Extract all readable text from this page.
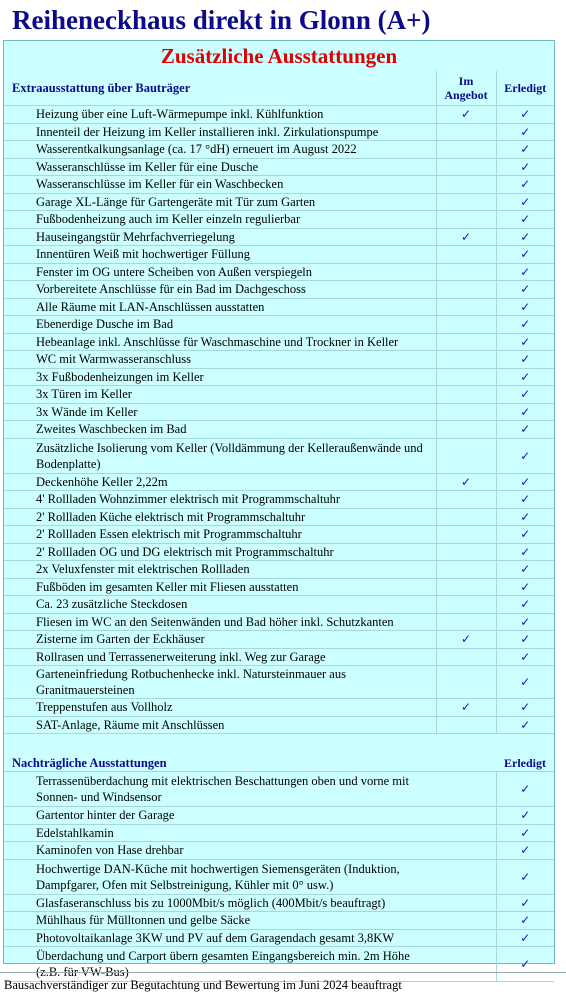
Reiheneckhaus direkt in Glonn (A+)
Zusätzliche Ausstattungen
	Extraausstattung über Bauträger	Im Angebot	Erledigt
	Heizung über eine Luft-Wärmepumpe inkl. Kühlfunktion	✓	✓
	Innenteil der Heizung im Keller installieren inkl. Zirkulationspumpe		✓
	Wasserentkalkungsanlage (ca. 17 °dH) erneuert im August 2022		✓
	Wasseranschlüsse im Keller für eine Dusche		✓
	Wasseranschlüsse im Keller für ein Waschbecken		✓
	Garage XL-Länge für Gartengeräte mit Tür zum Garten		✓
	Fußbodenheizung auch im Keller einzeln regulierbar		✓
	Hauseingangstür Mehrfachverriegelung	✓	✓
	Innentüren Weiß mit hochwertiger Füllung		✓
	Fenster im OG untere Scheiben von Außen verspiegeln		✓
	Vorbereitete Anschlüsse für ein Bad im Dachgeschoss		✓
	Alle Räume mit LAN-Anschlüssen ausstatten		✓
	Ebenerdige Dusche im Bad		✓
	Hebeanlage inkl. Anschlüsse für Waschmaschine und Trockner in Keller		✓
	WC mit Warmwasseranschluss		✓
	3x Fußbodenheizungen im Keller		✓
	3x Türen im Keller		✓
	3x Wände im Keller		✓
	Zweites Waschbecken im Bad		✓
	Zusätzliche Isolierung vom Keller (Volldämmung der Kelleraußenwände und Bodenplatte)		✓
	Deckenhöhe Keller 2,22m	✓	✓
	4' Rollladen Wohnzimmer elektrisch mit Programmschaltuhr		✓
	2' Rollladen Küche elektrisch mit Programmschaltuhr		✓
	2' Rollladen Essen elektrisch mit Programmschaltuhr		✓
	2' Rollladen OG und DG elektrisch mit Programmschaltuhr		✓
	2x Veluxfenster mit elektrischen Rollladen		✓
	Fußböden im gesamten Keller mit Fliesen ausstatten		✓
	Ca. 23 zusätzliche Steckdosen		✓
	Fliesen im WC an den Seitenwänden und Bad höher inkl. Schutzkanten		✓
	Zisterne im Garten der Eckhäuser	✓	✓
	Rollrasen und Terrassenerweiterung inkl. Weg zur Garage		✓
	Garteneinfriedung Rotbuchenhecke inkl. Natursteinmauer aus Granitmauersteinen		✓
	Treppenstufen aus Vollholz	✓	✓
	SAT-Anlage, Räume mit Anschlüssen		✓

	Nachträgliche Ausstattungen		Erledigt
	Terrassenüberdachung mit elektrischen Beschattungen oben und vorne mit Sonnen- und Windsensor		✓
	Gartentor hinter der Garage		✓
	Edelstahlkamin		✓
	Kaminofen von Hase drehbar		✓
	Hochwertige DAN-Küche mit hochwertigen Siemensgeräten (Induktion, Dampfgarer, Ofen mit Selbstreinigung, Kühler mit 0° usw.)		✓
	Glasfaseranschluss bis zu 1000Mbit/s möglich (400Mbit/s beauftragt)		✓
	Mühlhaus für Mülltonnen und gelbe Säcke		✓
	Photovoltaikanlage 3KW und PV auf dem Garagendach gesamt 3,8KW		✓
	Überdachung und Carport übern gesamten Eingangsbereich min. 2m Höhe (z.B. für VW-Bus)		✓
Bausachverständiger zur Begutachtung und Bewertung im Juni 2024 beauftragt
